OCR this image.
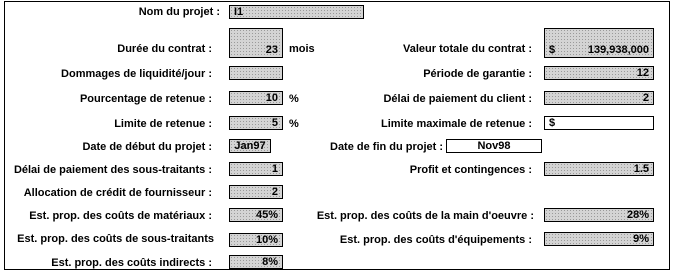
Nom du projet :	I1
Durée du contrat :	23	mois
Dommages de liquidité/jour :
Pourcentage de retenue :	10	%
Limite de retenue :	5	%
Date de début du projet :	Jan97
Délai de paiement des sous-traitants :	1
Allocation de crédit de fournisseur :	2
Est. prop. des coûts de matériaux :	45%
Est. prop. des coûts de sous-traitants	10%
Est. prop. des coûts indirects :	8%
Valeur totale du contrat :	$	139,938,000
Période de garantie :	12
Délai de paiement du client :	2
Limite maximale de retenue :	$
Date de fin du projet :	Nov98
Profit et contingences :	1.5
Est. prop. des coûts de la main d'oeuvre :	28%
Est. prop. des coûts d'équipements :	9%
